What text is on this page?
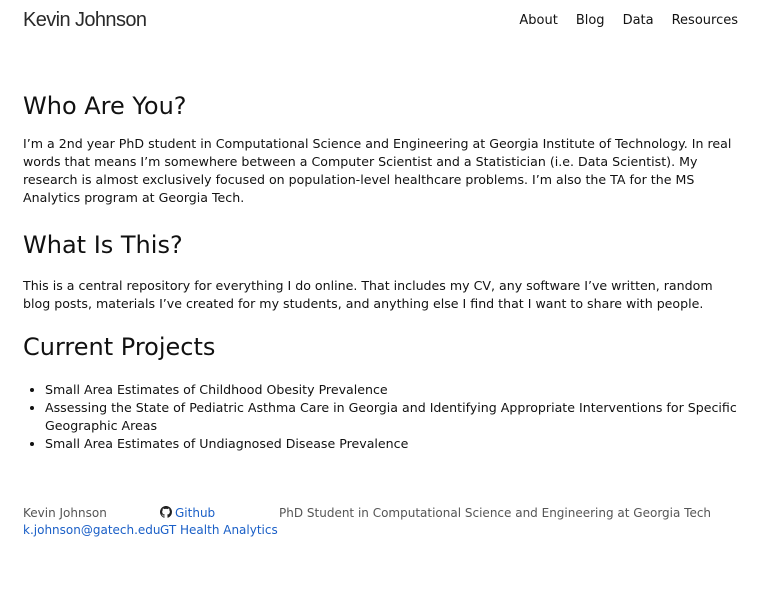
Kevin Johnson	About Blog Data Resources
Who Are You?

I’m a 2nd year PhD student in Computational Science and Engineering at Georgia Institute of Technology. In real words that means I’m somewhere between a Computer Scientist and a Statistician (i.e. Data Scientist). My research is almost exclusively focused on population-level healthcare problems. I’m also the TA for the MS Analytics program at Georgia Tech.

What Is This?

This is a central repository for everything I do online. That includes my CV, any software I’ve written, random blog posts, materials I’ve created for my students, and anything else I find that I want to share with people.

Current Projects
• Small Area Estimates of Childhood Obesity Prevalence
• Assessing the State of Pediatric Asthma Care in Georgia and Identifying Appropriate Interventions for Specific Geographic Areas
• Small Area Estimates of Undiagnosed Disease Prevalence
Kevin Johnson
k.johnson@gatech.edu
Github
GT Health Analytics
PhD Student in Computational Science and Engineering at Georgia Tech
